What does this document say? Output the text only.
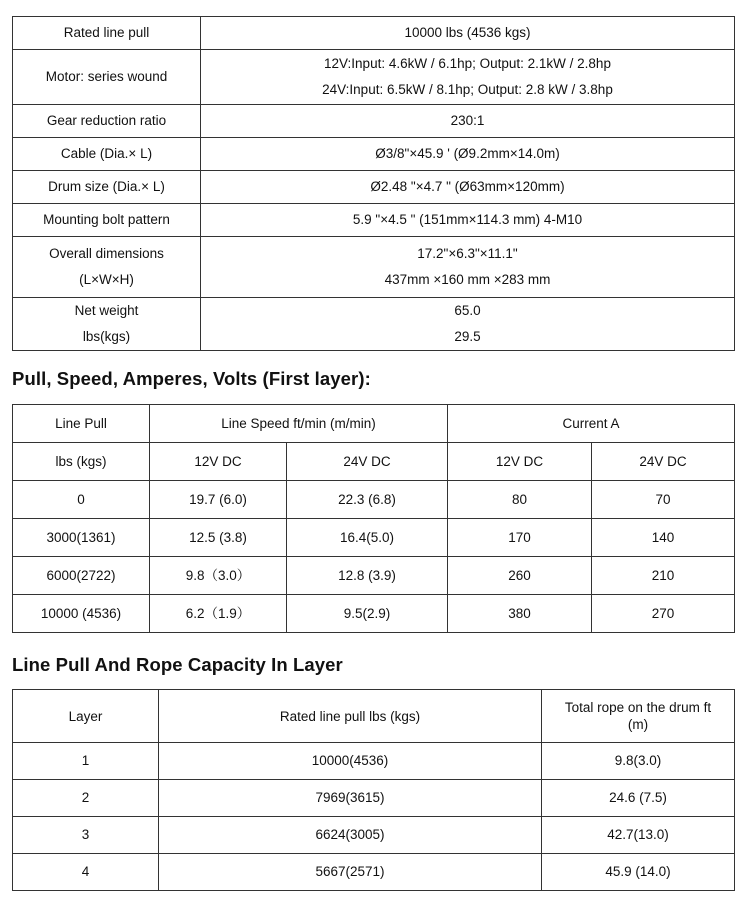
Rated line pull	10000 lbs (4536 kgs)

Motor: series wound	12V:Input: 4.6kW / 6.1hp; Output: 2.1kW / 2.8hp
24V:Input: 6.5kW / 8.1hp; Output: 2.8 kW / 3.8hp

Gear reduction ratio	230:1

Cable (Dia.× L)	Ø3/8"×45.9 ' (Ø9.2mm×14.0m)

Drum size (Dia.× L)	Ø2.48 "×4.7 " (Ø63mm×120mm)

Mounting bolt pattern	5.9 "×4.5 " (151mm×114.3 mm) 4-M10

Overall dimensions
(L×W×H)	17.2"×6.3"×11.1"
437mm ×160 mm ×283 mm

Net weight
lbs(kgs)	65.0
29.5
Pull, Speed, Amperes, Volts (First layer):
Line Pull	Line Speed ft/min (m/min)		Current A	
lbs (kgs)	12V DC	24V DC	12V DC	24V DC
0	19.7 (6.0)	22.3 (6.8)	80	70
3000(1361)	12.5 (3.8)	16.4(5.0)	170	140
6000(2722)	9.8（3.0）	12.8 (3.9)	260	210
10000 (4536)	6.2（1.9）	9.5(2.9)	380	270
Line Pull And Rope Capacity In Layer
Layer	Rated line pull lbs (kgs)	Total rope on the drum ft
(m)

1	10000(4536)	9.8(3.0)
2	7969(3615)	24.6 (7.5)
3	6624(3005)	42.7(13.0)
4	5667(2571)	45.9 (14.0)
